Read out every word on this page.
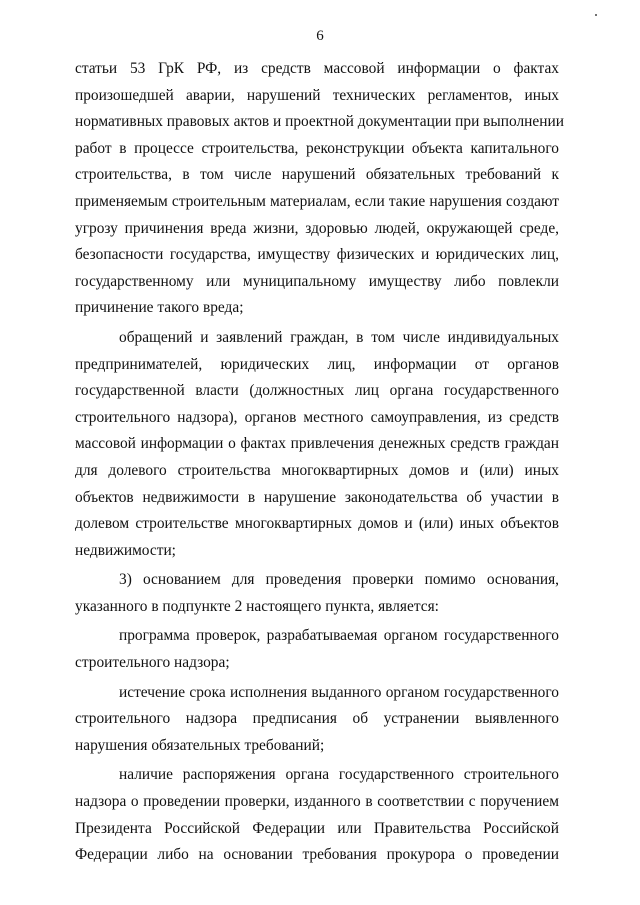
6
статьи 53 ГрК РФ, из средств массовой информации о фактах
произошедшей аварии, нарушений технических регламентов, иных
нормативных правовых актов и проектной документации при выполнении
работ в процессе строительства, реконструкции объекта капитального
строительства, в том числе нарушений обязательных требований к
применяемым строительным материалам, если такие нарушения создают
угрозу причинения вреда жизни, здоровью людей, окружающей среде,
безопасности государства, имуществу физических и юридических лиц,
государственному или муниципальному имуществу либо повлекли
причинение такого вреда;
обращений и заявлений граждан, в том числе индивидуальных
предпринимателей, юридических лиц, информации от органов
государственной власти (должностных лиц органа государственного
строительного надзора), органов местного самоуправления, из средств
массовой информации о фактах привлечения денежных средств граждан
для долевого строительства многоквартирных домов и (или) иных
объектов недвижимости в нарушение законодательства об участии в
долевом строительстве многоквартирных домов и (или) иных объектов
недвижимости;
3) основанием для проведения проверки помимо основания,
указанного в подпункте 2 настоящего пункта, является:
программа проверок, разрабатываемая органом государственного
строительного надзора;
истечение срока исполнения выданного органом государственного
строительного надзора предписания об устранении выявленного
нарушения обязательных требований;
наличие распоряжения органа государственного строительного
надзора о проведении проверки, изданного в соответствии с поручением
Президента Российской Федерации или Правительства Российской
Федерации либо на основании требования прокурора о проведении
